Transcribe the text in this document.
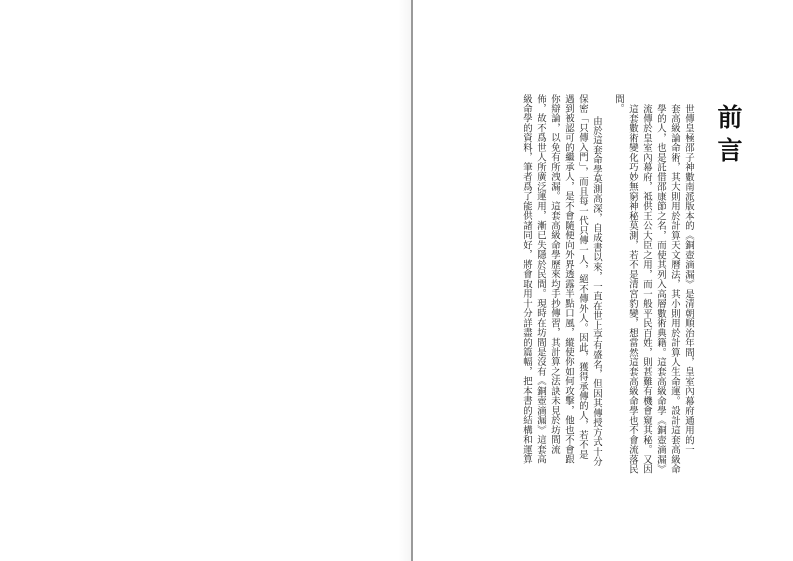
前言
世傳皇極邵子神數南派版本的《銅壺滴漏》是清朝順治年間，皇室內幕府通用的一
套高級論命術，其大則用於計算天文曆法，其小則用於計算人生命運。設計這套高級命
學的人，也是託借邵康節之名，而使其列入高層數術典籍。這套高級命學《銅壺滴漏》
流傳於皇室內幕府，祗供王公大臣之用，而一般平民百姓，則甚難有機會窺其秘。又因
這套數術變化巧妙無窮神秘莫測，若不是清宮豹變，想當然這套高級命學也不會流落民
間。
由於這套命學莫測高深，自成書以來，一直在世上享有盛名，但因其傳授方式十分
保密「只傳入門」，而且每一代只傳一人，絕不傳外人。因此，獲得承傳的人，若不是
遇到被認可的繼承人，是不會隨便向外界透露半點口風，縱使你如何攻擊，他也不會跟
你辯論，以免有所洩漏。這套高級命學歷來均手抄傳習，其計算之法訣未見於坊間流
佈，故不爲世人所廣泛運用，漸已失隱於民間。現時在坊間是沒有《銅壺滴漏》這套高
級命學的資料，筆者爲了能供諸同好，將會取用十分詳盡的篇幅，把本書的結構和運算
